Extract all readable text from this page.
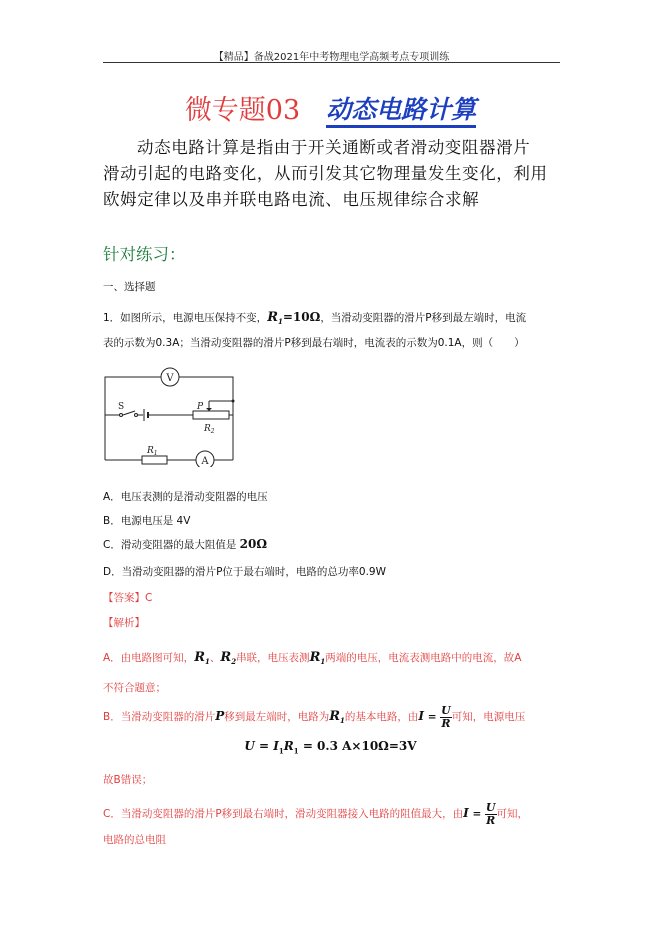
【精品】备战2021年中考物理电学高频考点专项训练
微专题03 动态电路计算
动态电路计算是指由于开关通断或者滑动变阻器滑片
滑动引起的电路变化，从而引发其它物理量发生变化，利用
欧姆定律以及串并联电路电流、电压规律综合求解
针对练习：
一、选择题
1．如图所示，电源电压保持不变，$R_1=10\Omega$，当滑动变阻器的滑片P移到最左端时，电流
表的示数为0.3A；当滑动变阻器的滑片P移到最右端时，电流表的示数为0.1A，则（　　）
V
S	P
$R_2$
$R_1$
A
A．电压表测的是滑动变阻器的电压
B．电源电压是 4V
C．滑动变阻器的最大阻值是 20Ω
D．当滑动变阻器的滑片P位于最右端时，电路的总功率0.9W
【答案】C
【解析】
A．由电路图可知，$R_1$、$R_2$串联，电压表测$R_1$两端的电压，电流表测电路中的电流，故A
不符合题意；
B．当滑动变阻器的滑片P移到最左端时，电路为$R_1$的基本电路，由$I = \frac{U}{R}$ 可知，电源电压
$U = I_1R_1 = 0.3$ A×10Ω=3V
故B错误；
C．当滑动变阻器的滑片P移到最右端时，滑动变阻器接入电路的阻值最大，由$I = \frac{U}{R}$ 可知，
电路的总电阻
